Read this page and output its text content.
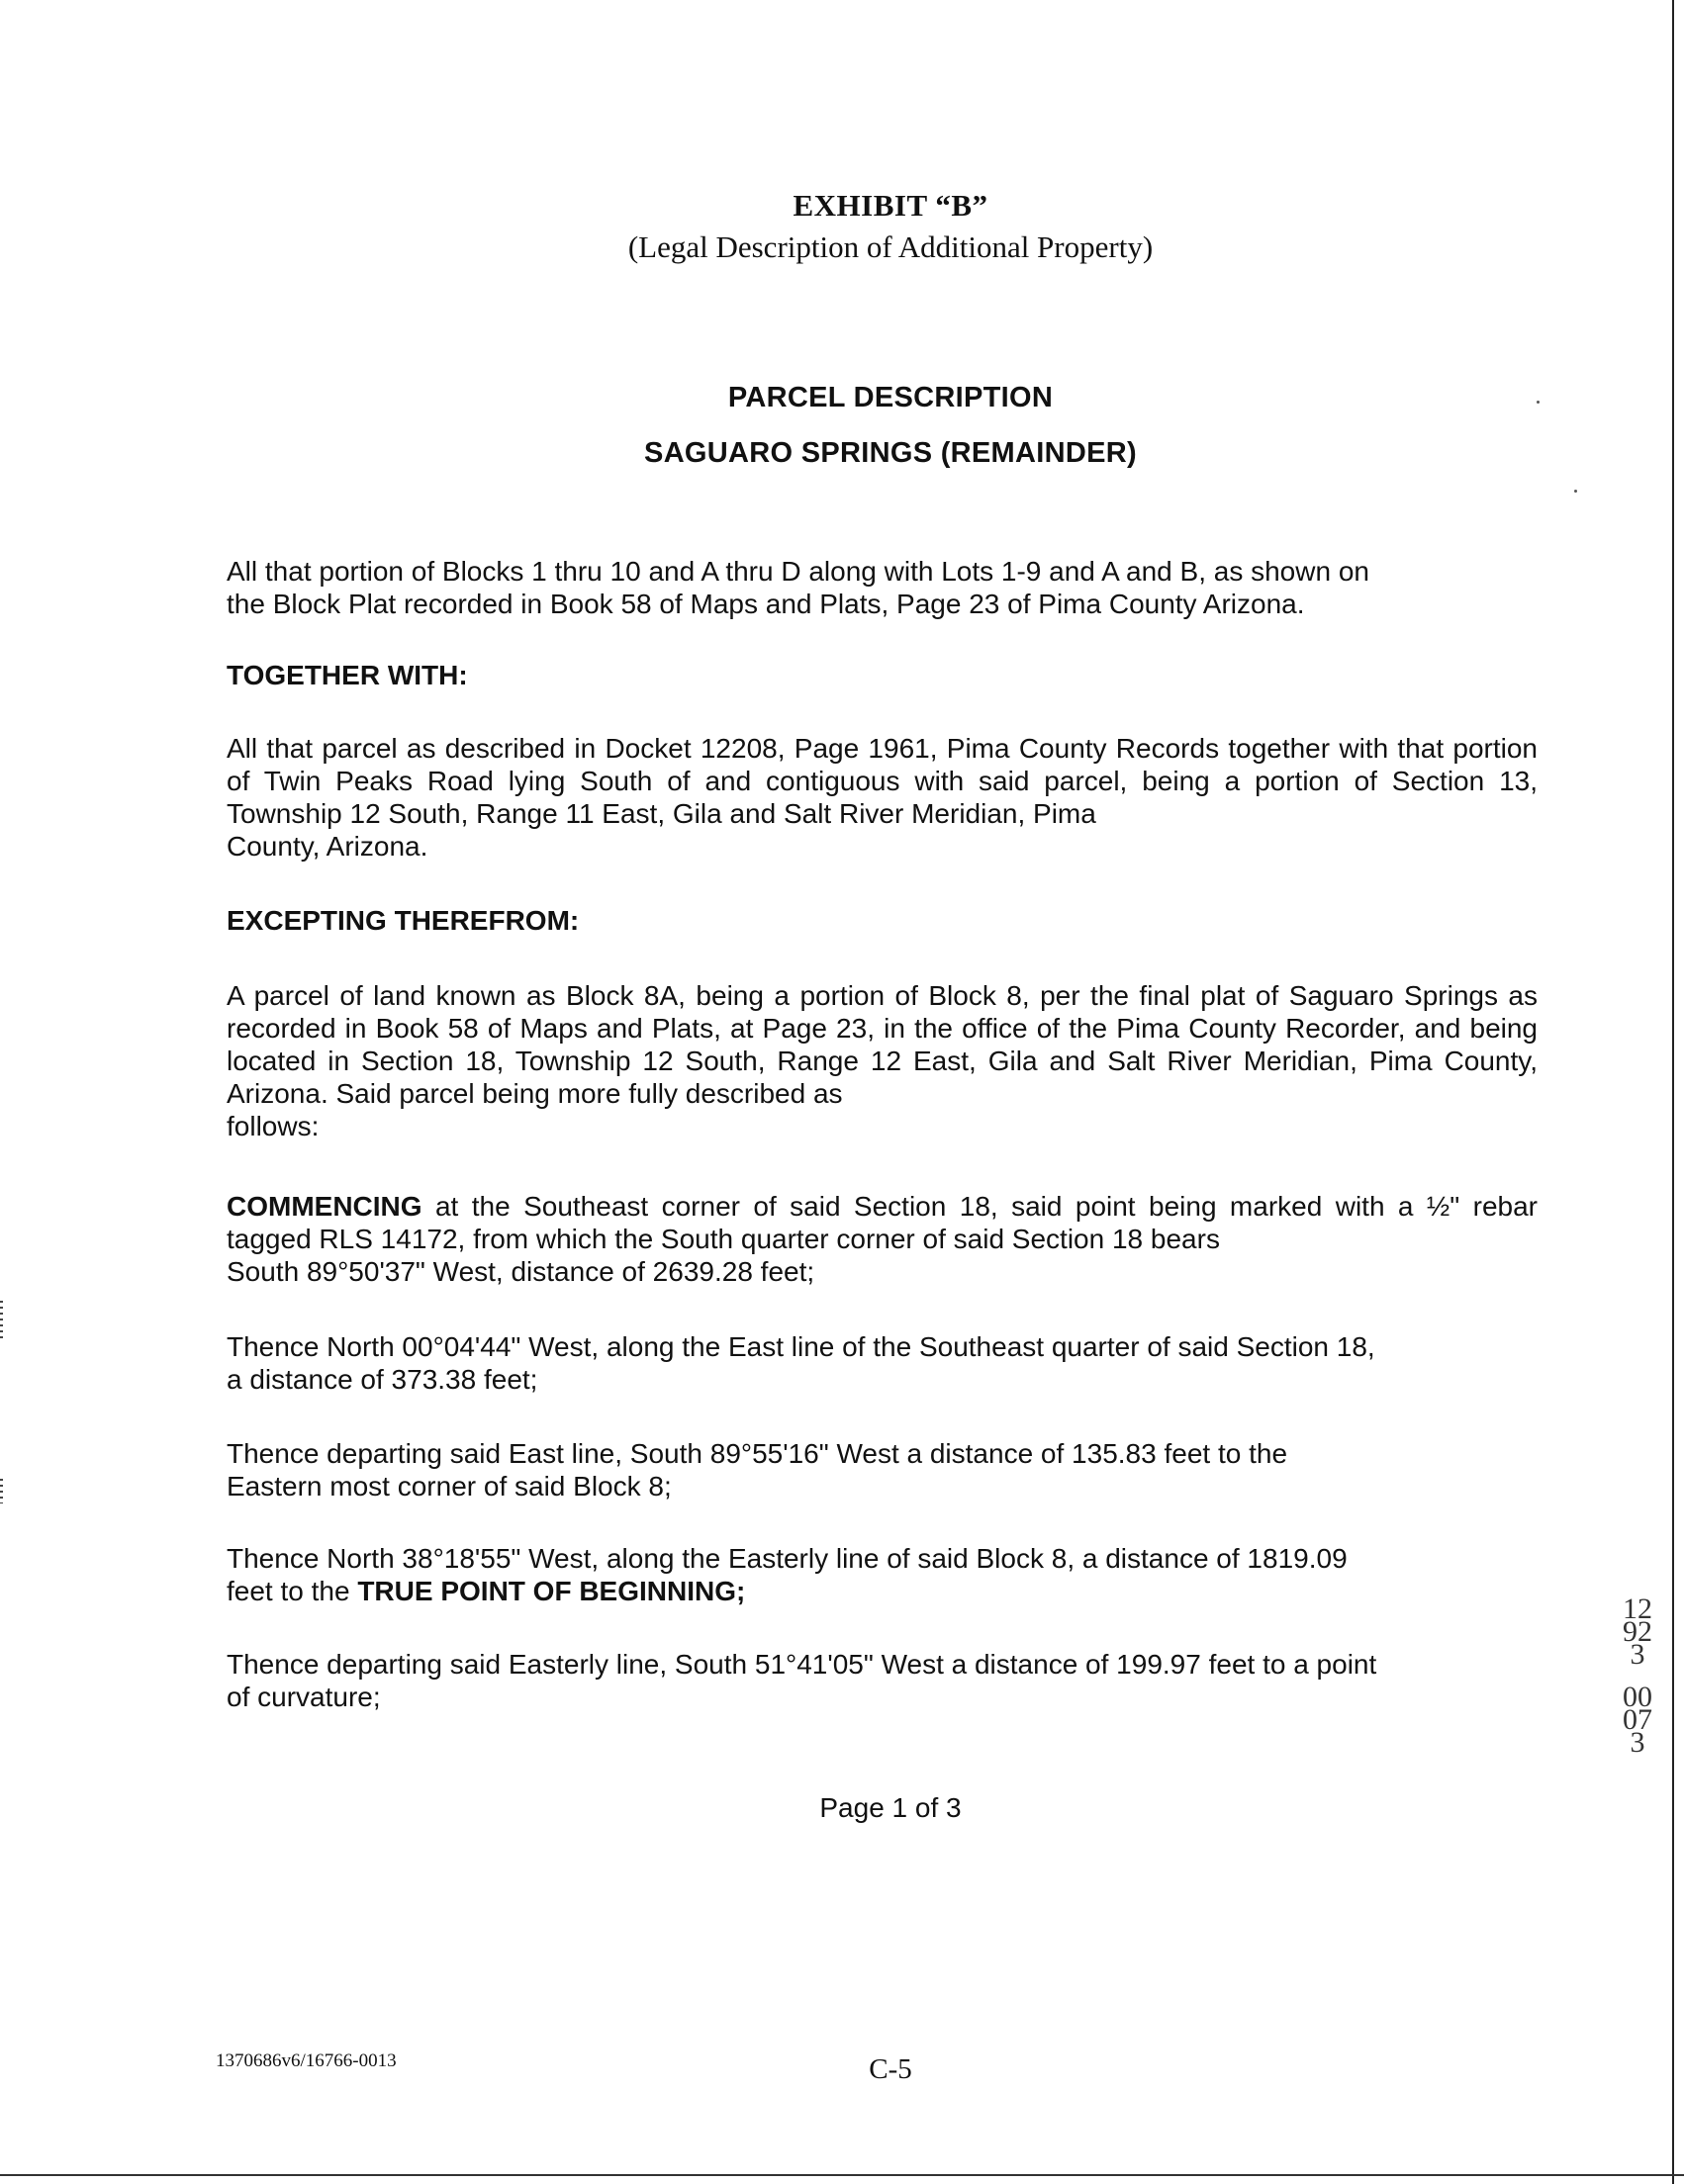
EXHIBIT “B”
(Legal Description of Additional Property)
PARCEL DESCRIPTION
SAGUARO SPRINGS (REMAINDER)
All that portion of Blocks 1 thru 10 and A thru D along with Lots 1-9 and A and B, as shown on
the Block Plat recorded in Book 58 of Maps and Plats, Page 23 of Pima County Arizona.
TOGETHER WITH:
All that parcel as described in Docket 12208, Page 1961, Pima County Records together with that portion of Twin Peaks Road lying South of and contiguous with said parcel, being a portion of Section 13, Township 12 South, Range 11 East, Gila and Salt River Meridian, Pima
County, Arizona.
EXCEPTING THEREFROM:
A parcel of land known as Block 8A, being a portion of Block 8, per the final plat of Saguaro Springs as recorded in Book 58 of Maps and Plats, at Page 23, in the office of the Pima County Recorder, and being located in Section 18, Township 12 South, Range 12 East, Gila and Salt River Meridian, Pima County, Arizona. Said parcel being more fully described as
follows:
COMMENCING at the Southeast corner of said Section 18, said point being marked with a ½" rebar tagged RLS 14172, from which the South quarter corner of said Section 18 bears
South 89°50'37" West, distance of 2639.28 feet;
Thence North 00°04'44" West, along the East line of the Southeast quarter of said Section 18,
a distance of 373.38 feet;
Thence departing said East line, South 89°55'16" West a distance of 135.83 feet to the
Eastern most corner of said Block 8;
Thence North 38°18'55" West, along the Easterly line of said Block 8, a distance of 1819.09
feet to the TRUE POINT OF BEGINNING;
Thence departing said Easterly line, South 51°41'05" West a distance of 199.97 feet to a point
of curvature;
Page 1 of 3
1370686v6/16766-0013	C-5
12923
00073
